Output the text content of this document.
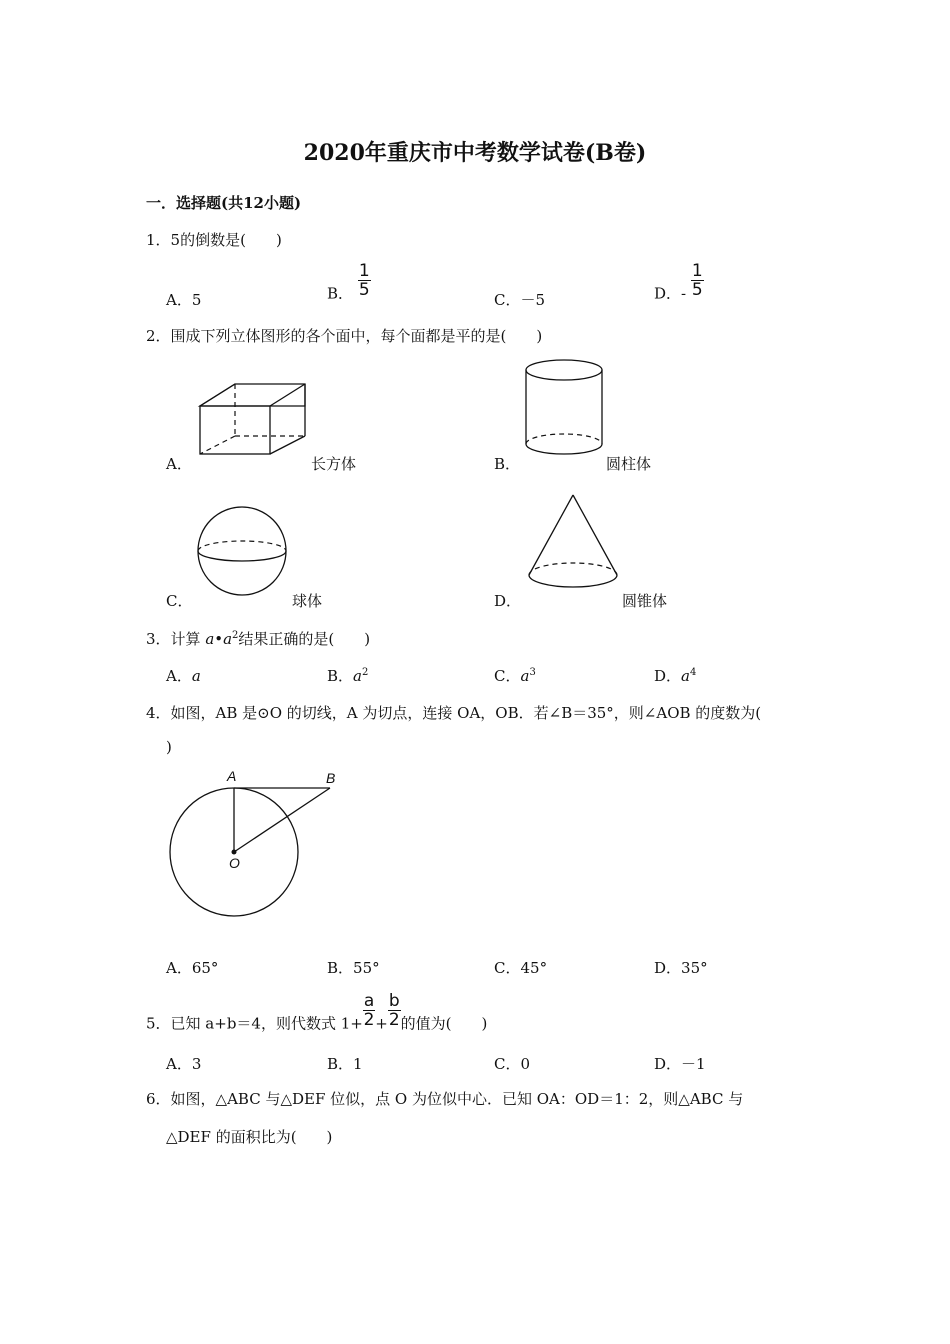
2020年重庆市中考数学试卷(B卷)
一．选择题(共12小题)
1．5的倒数是(　　)
A．5	B． $\frac{1}{5}$
C．－5	D．- $\frac{1}{5}$
2．围成下列立体图形的各个面中，每个面都是平的是(　　)
A．	长方体	B．	圆柱体
C．	球体	D．	圆锥体
3．计算 $a•a^2$结果正确的是(　　)
A．a	B．$a^2$	C．$a^3$	D．$a^4$
4．如图，AB 是⊙O 的切线，A 为切点，连接 OA，OB．若∠B＝35°，则∠AOB 的度数为(
)
A	B
O
A．65°	B．55°	C．45°	D．35°
5．已知 a+b＝4，则代数式 $1+ \frac{a}{2} + \frac{b}{2}$ 的值为(　　)
A．3	B．1	C．0	D．－1
6．如图，△ABC 与△DEF 位似，点 O 为位似中心．已知 OA：OD＝1：2，则△ABC 与
△DEF 的面积比为(　　)
